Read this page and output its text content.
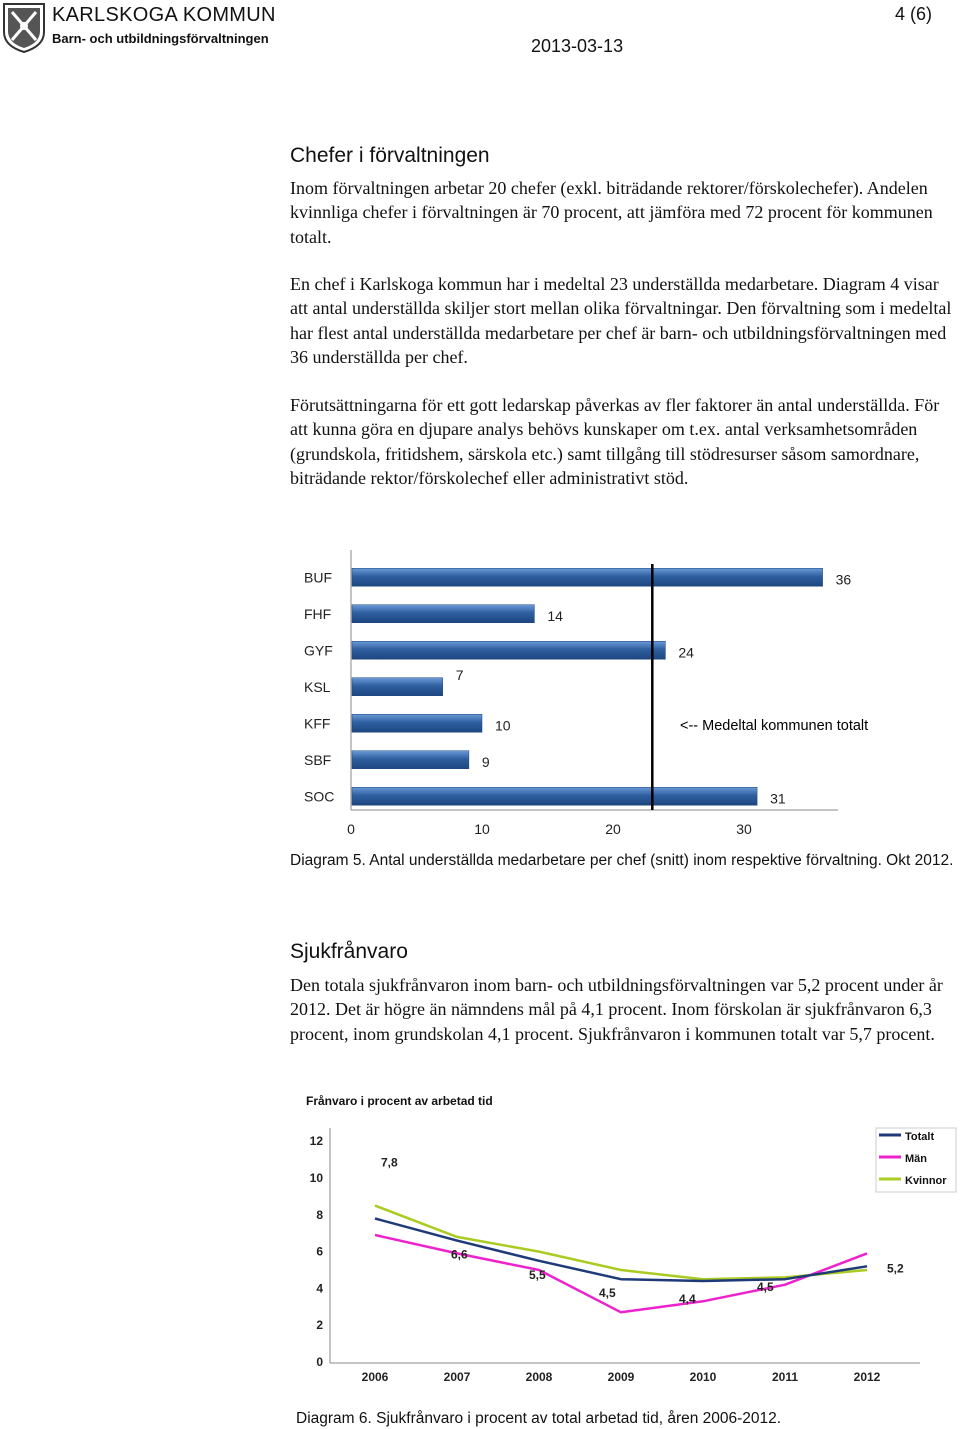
KARLSKOGA KOMMUN
Barn- och utbildningsförvaltningen
4 (6)
2013-03-13
Chefer i förvaltningen

Inom förvaltningen arbetar 20 chefer (exkl. biträdande rektorer/förskolechefer). Andelen kvinnliga chefer i förvaltningen är 70 procent, att jämföra med 72 procent för kommunen totalt.

En chef i Karlskoga kommun har i medeltal 23 underställda medarbetare. Diagram 4 visar att antal underställda skiljer stort mellan olika förvaltningar. Den förvaltning som i medeltal har flest antal underställda medarbetare per chef är barn- och utbildningsförvaltningen med 36 underställda per chef.

Förutsättningarna för ett gott ledarskap påverkas av fler faktorer än antal underställda. För att kunna göra en djupare analys behövs kunskaper om t.ex. antal verksamhetsområden (grundskola, fritidshem, särskola etc.) samt tillgång till stödresurser såsom samordnare, biträdande rektor/förskolechef eller administrativt stöd.

BUF	36
FHF	14
GYF	24
KSL
7
KFF	10
SBF	9
SOC	31
0	10	20	30
<-- Medeltal kommunen totalt

Diagram 5. Antal underställda medarbetare per chef (snitt) inom respektive förvaltning. Okt 2012.

Sjukfrånvaro

Den totala sjukfrånvaron inom barn- och utbildningsförvaltningen var 5,2 procent under år 2012. Det är högre än nämndens mål på 4,1 procent. Inom förskolan är sjukfrånvaron 6,3 procent, inom grundskolan 4,1 procent. Sjukfrånvaron i kommunen totalt var 5,7 procent.

Frånvaro i procent av arbetad tid
0
2
4
6
8
10
12
2006	2007	2008	2009	2010	2011	2012
7,8
6,6
5,5
4,5	4,4
4,5
5,2
Totalt
Män
Kvinnor

Diagram 6. Sjukfrånvaro i procent av total arbetad tid, åren 2006-2012.
